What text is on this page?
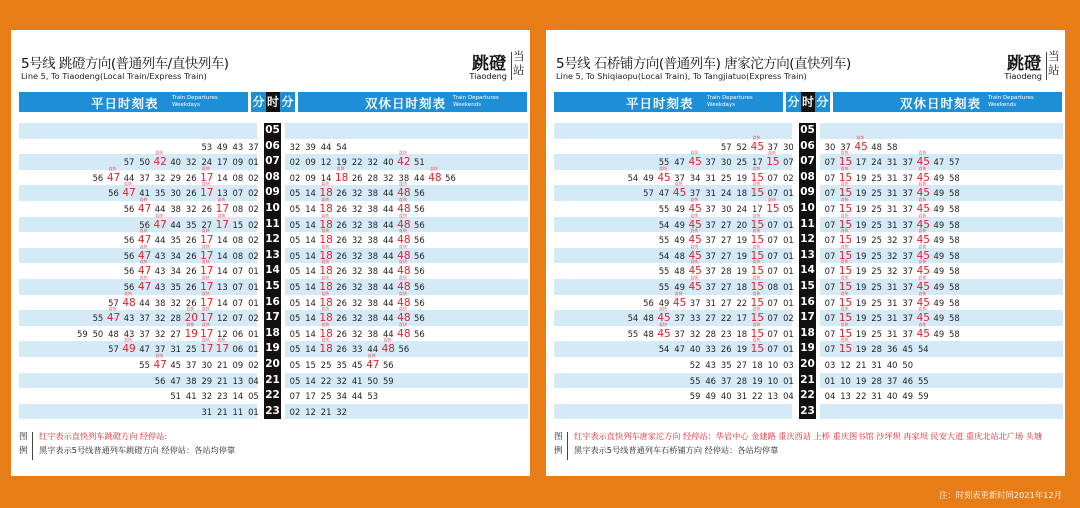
5号线 跳磴方向(普通列车/直快列车)
Line 5, To Tiaodeng(Local Train/Express Train)
跳磴
Tiaodeng
当站
平日时刻表 Train Departures
Weekdays	分 时 分	双休日时刻表 Train Departures
Weekends
05
06
53 49 43 37	32 39 44 54
07
57 50 直快 42 40 32 24 17 09 01	02 09 12 19 22 32 40 直快 42 51
08
56 直快 47 44 37 32 29 26 直快 17 14 08 02	02 09 14 直快 18 26 28 32 38 44 直快 48 56
09
56 直快 47 41 35 30 26 直快 17 13 07 02	05 14 直快 18 26 32 38 44 直快 48 56
10
56 直快 47 44 38 32 26 直快 17 08 02	05 14 直快 18 26 32 38 44 直快 48 56
11
56 直快 47 44 35 27 直快 17 15 02	05 14 直快 18 26 32 38 44 直快 48 56
12
56 直快 47 44 35 26 直快 17 14 08 02	05 14 直快 18 26 32 38 44 直快 48 56
13
56 直快 47 43 34 26 直快 17 14 08 02	05 14 直快 18 26 32 38 44 直快 48 56
14
56 直快 47 43 34 26 直快 17 14 07 01	05 14 直快 18 26 32 38 44 直快 48 56
15
56 直快 47 43 35 26 直快 17 13 07 01	05 14 直快 18 26 32 38 44 直快 48 56
16
57 直快 48 44 38 32 26 直快 17 14 07 01	05 14 直快 18 26 32 38 44 直快 48 56
17
55 直快 47 43 37 32 28 直快 20 直快 17 12 07 02	05 14 直快 18 26 32 38 44 直快 48 56
18
59 50 48 43 37 32 27 直快 19 直快 17 12 06 01	05 14 直快 18 26 32 38 44 直快 48 56
19
57 直快 49 47 37 31 25 直快 17 直快 17 06 01	05 14 直快 18 26 33 44 直快 48 56
20
55 直快 47 45 37 30 21 09 02	05 15 25 35 45 直快 47 56
21
56 47 38 29 21 13 04	05 14 22 32 41 50 59
22
51 41 32 23 14 05	07 17 25 34 44 53
23
31 21 11 01	02 12 21 32
图
例
红字表示直快列车跳磴方向 经停站:
黑字表示5号线普通列车跳磴方向 经停站：各站均停靠
5号线 石桥铺方向(普通列车) 唐家沱方向(直快列车)
Line 5, To Shiqiaopu(Local Train), To Tangjiatuo(Express Train)
跳磴
Tiaodeng
当站
平日时刻表 Train Departures
Weekdays	分 时 分	双休日时刻表 Train Departures
Weekends
05
06
57 52 直快 45 37 30	30 37 直快 45 48 58
07
55 47 直快 45 37 30 25 17 直快 15 07	07 直快 15 17 24 31 37 直快 45 47 57
08
54 49 直快 45 37 34 31 25 19 直快 15 07 02	07 直快 15 19 25 31 37 直快 45 49 58
09
57 47 直快 45 37 31 24 18 直快 15 07 01	07 直快 15 19 25 31 37 直快 45 49 58
10
55 49 直快 45 37 30 24 17 直快 15 05	07 直快 15 19 25 31 37 直快 45 49 58
11
54 49 直快 45 37 27 20 直快 15 07 01	07 直快 15 19 25 31 37 直快 45 49 58
12
55 49 直快 45 37 27 19 直快 15 07 01	07 直快 15 19 25 32 37 直快 45 49 58
13
54 48 直快 45 37 27 19 直快 15 07 01	07 直快 15 19 25 32 37 直快 45 49 58
14
55 48 直快 45 37 28 19 直快 15 07 01	07 直快 15 19 25 32 37 直快 45 49 58
15
55 49 直快 45 37 27 18 直快 15 08 01	07 直快 15 19 25 31 37 直快 45 49 58
16
56 49 直快 45 37 31 27 22 直快 15 07 01	07 直快 15 19 25 31 37 直快 45 49 58
17
54 48 直快 45 37 33 27 22 17 直快 15 07 02	07 直快 15 19 25 31 37 直快 45 49 58
18
55 48 直快 45 37 32 28 23 18 直快 15 07 01	07 直快 15 19 25 31 37 直快 45 49 58
19
54 47 40 33 26 19 直快 15 07 01	07 直快 15 19 28 36 45 54
20
52 43 35 27 18 10 03	03 12 21 31 40 50
21
55 46 37 28 19 10 01	01 10 19 28 37 46 55
22
59 49 40 31 22 13 04	04 13 22 31 40 49 59
23
图
例
红字表示直快列车唐家沱方向 经停站：华岩中心 金建路 重庆西站 上桥 重庆图书馆 沙坪坝 冉家坝 民安大道 重庆北站北广场 头塘
黑字表示5号线普通列车石桥铺方向 经停站：各站均停靠
注：时刻表更新时间2021年12月
